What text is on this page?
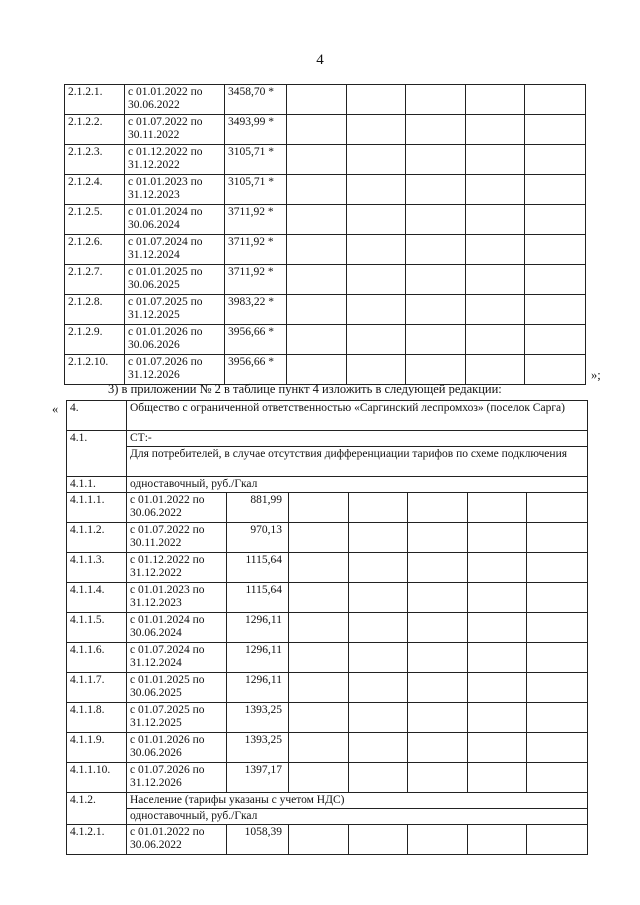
4
2.1.2.1.	с 01.01.2022 по 30.06.2022	3458,70 *					
2.1.2.2.	с 01.07.2022 по 30.11.2022	3493,99 *					
2.1.2.3.	с 01.12.2022 по 31.12.2022	3105,71 *					
2.1.2.4.	с 01.01.2023 по 31.12.2023	3105,71 *					
2.1.2.5.	с 01.01.2024 по 30.06.2024	3711,92 *					
2.1.2.6.	с 01.07.2024 по 31.12.2024	3711,92 *					
2.1.2.7.	с 01.01.2025 по 30.06.2025	3711,92 *					
2.1.2.8.	с 01.07.2025 по 31.12.2025	3983,22 *					
2.1.2.9.	с 01.01.2026 по 30.06.2026	3956,66 *					
2.1.2.10.	с 01.07.2026 по 31.12.2026	3956,66 *					
»;
3) в приложении № 2 в таблице пункт 4 изложить в следующей редакции:
« 4.	Общество с ограниченной ответственностью «Саргинский леспромхоз» (поселок Сарга)						
4.1.	СТ:-						
	Для потребителей, в случае отсутствия дифференциации тарифов по схеме подключения						
4.1.1.	одноставочный, руб./Гкал						
4.1.1.1.	с 01.01.2022 по 30.06.2022	881,99					
4.1.1.2.	с 01.07.2022 по 30.11.2022	970,13					
4.1.1.3.	с 01.12.2022 по 31.12.2022	1115,64					
4.1.1.4.	с 01.01.2023 по 31.12.2023	1115,64					
4.1.1.5.	с 01.01.2024 по 30.06.2024	1296,11					
4.1.1.6.	с 01.07.2024 по 31.12.2024	1296,11					
4.1.1.7.	с 01.01.2025 по 30.06.2025	1296,11					
4.1.1.8.	с 01.07.2025 по 31.12.2025	1393,25					
4.1.1.9.	с 01.01.2026 по 30.06.2026	1393,25					
4.1.1.10.	с 01.07.2026 по 31.12.2026	1397,17					
4.1.2.	Население (тарифы указаны с учетом НДС)						
	одноставочный, руб./Гкал						
4.1.2.1.	с 01.01.2022 по 30.06.2022	1058,39					
